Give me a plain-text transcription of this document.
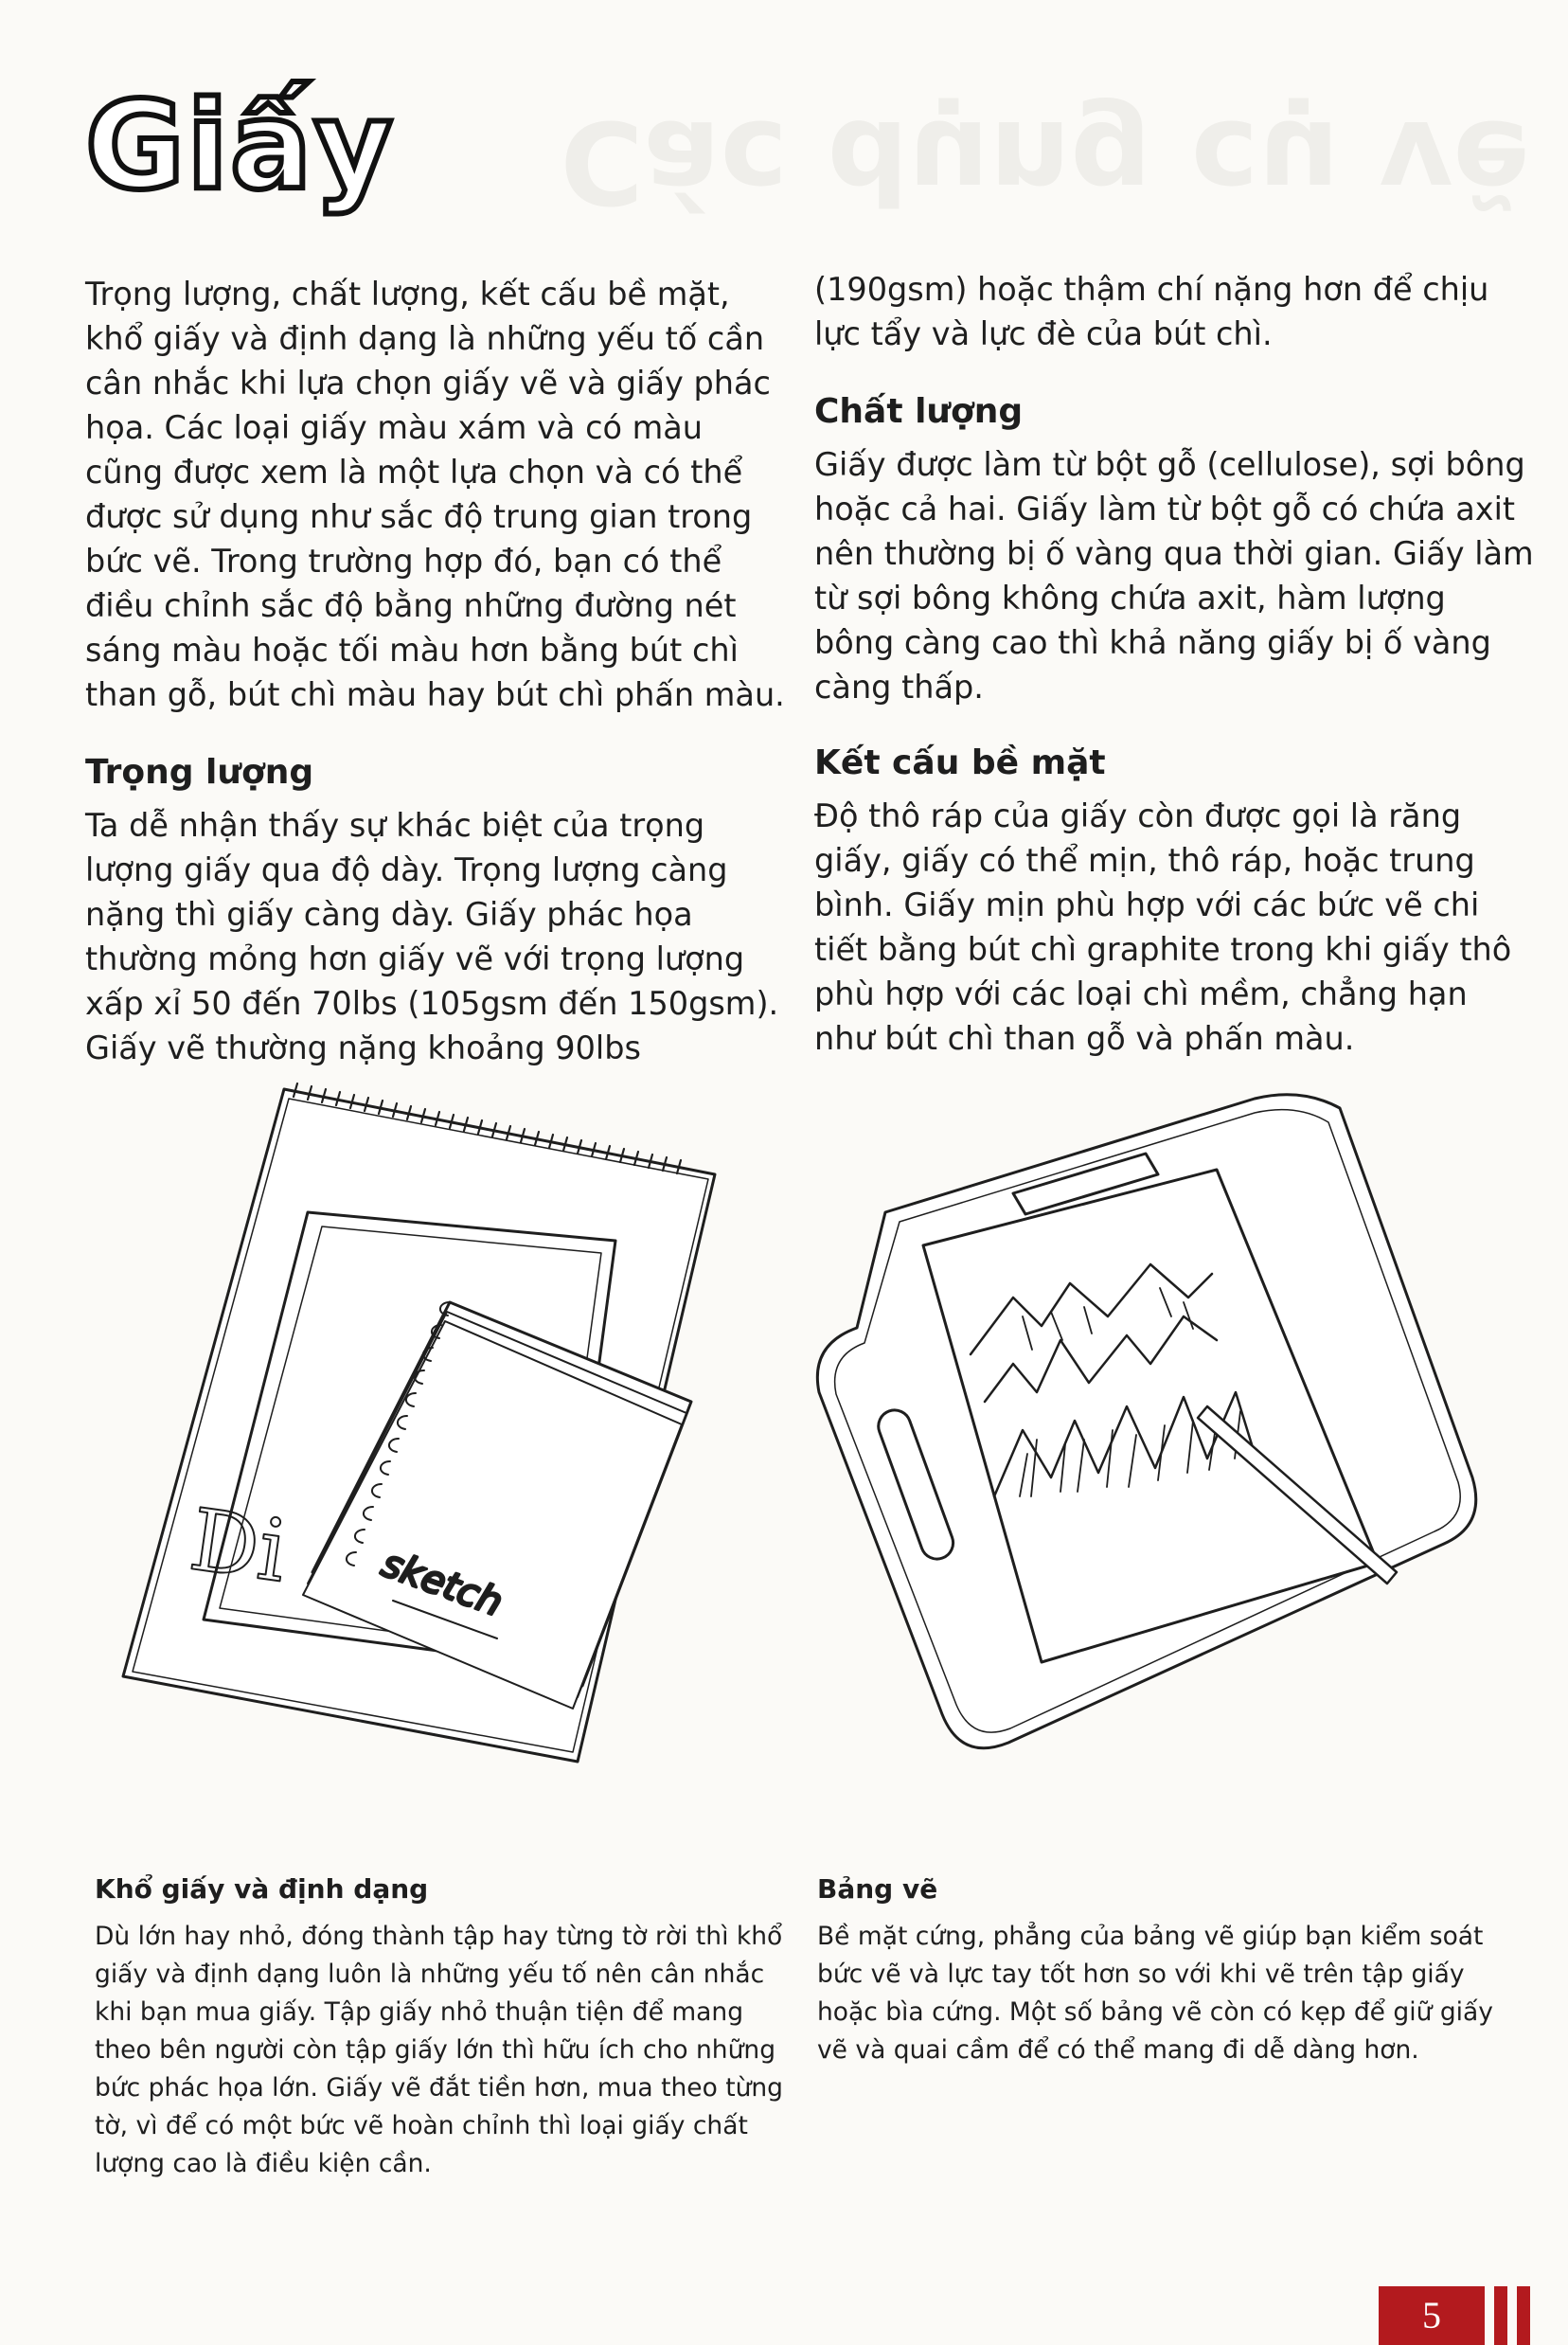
Các dụng cụ vẽ
Giấy

Trọng lượng, chất lượng, kết cấu bề mặt, khổ giấy và định dạng là những yếu tố cần cân nhắc khi lựa chọn giấy vẽ và giấy phác họa. Các loại giấy màu xám và có màu cũng được xem là một lựa chọn và có thể được sử dụng như sắc độ trung gian trong bức vẽ. Trong trường hợp đó, bạn có thể điều chỉnh sắc độ bằng những đường nét sáng màu hoặc tối màu hơn bằng bút chì than gỗ, bút chì màu hay bút chì phấn màu.

Trọng lượng

Ta dễ nhận thấy sự khác biệt của trọng lượng giấy qua độ dày. Trọng lượng càng nặng thì giấy càng dày. Giấy phác họa thường mỏng hơn giấy vẽ với trọng lượng xấp xỉ 50 đến 70lbs (105gsm đến 150gsm). Giấy vẽ thường nặng khoảng 90lbs

(190gsm) hoặc thậm chí nặng hơn để chịu lực tẩy và lực đè của bút chì.

Chất lượng

Giấy được làm từ bột gỗ (cellulose), sợi bông hoặc cả hai. Giấy làm từ bột gỗ có chứa axit nên thường bị ố vàng qua thời gian. Giấy làm từ sợi bông không chứa axit, hàm lượng bông càng cao thì khả năng giấy bị ố vàng càng thấp.

Kết cấu bề mặt

Độ thô ráp của giấy còn được gọi là răng giấy, giấy có thể mịn, thô ráp, hoặc trung bình. Giấy mịn phù hợp với các bức vẽ chi tiết bằng bút chì graphite trong khi giấy thô phù hợp với các loại chì mềm, chẳng hạn như bút chì than gỗ và phấn màu.

Di sketch
Khổ giấy và định dạng

Dù lớn hay nhỏ, đóng thành tập hay từng tờ rời thì khổ giấy và định dạng luôn là những yếu tố nên cân nhắc khi bạn mua giấy. Tập giấy nhỏ thuận tiện để mang theo bên người còn tập giấy lớn thì hữu ích cho những bức phác họa lớn. Giấy vẽ đắt tiền hơn, mua theo từng tờ, vì để có một bức vẽ hoàn chỉnh thì loại giấy chất lượng cao là điều kiện cần.

Bảng vẽ

Bề mặt cứng, phẳng của bảng vẽ giúp bạn kiểm soát bức vẽ và lực tay tốt hơn so với khi vẽ trên tập giấy hoặc bìa cứng. Một số bảng vẽ còn có kẹp để giữ giấy vẽ và quai cầm để có thể mang đi dễ dàng hơn.

5
